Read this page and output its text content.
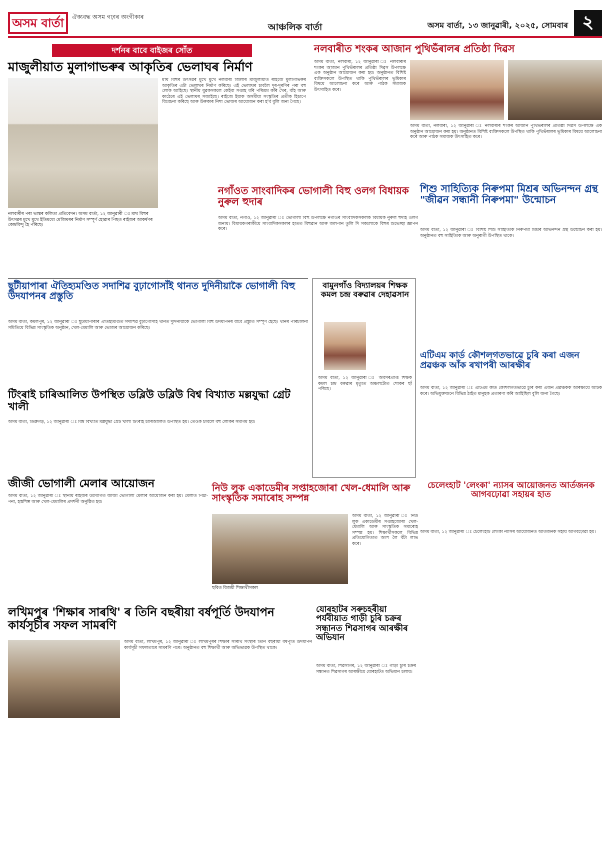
অসম বাৰ্তা	ঐক্যবদ্ধ অসম গঢ়াৰ অংগীকাৰ
আঞ্চলিক বাৰ্তা	অসম বাৰ্তা, ১৩ জানুৱাৰী, ২০২৫, সোমবাৰ ২
দৰ্শনৰ বাবে বাইজৰ সোঁত
মাজুলীয়াত মুলাগাভৰুৰ আকৃতিৰ ভেলাঘৰ নিৰ্মাণ
নলবাৰীৰ পৰা ভাস্কৰ কলিতা প্ৰতিবেদন। অসম বাৰ্তা, ১২ জানুৱাৰী ঃ মাঘ বিহুৰ উৎসৱৰ মুখে মুখে ইতিমধ্যে মেজিঘৰৰ নিৰ্মাণ সম্পূৰ্ণ হোৱাৰ পিছত ৰাইজৰ আকৰ্ষণৰ কেন্দ্ৰবিন্দু হৈ পৰিছে।
মাঘ বিহুৰ উৎসৱৰ মুখে মুখে নলবাৰী জিলাৰ মাজুলীয়াত ৰাইজে মুলাগাভৰুৰ আকৃতিৰ এটা ভেলাঘৰ নিৰ্মাণ কৰিছে। এই ভেলাঘৰ চাবলৈ দূৰ-দূৰণিৰ পৰা বহু লোক আহিছে। স্থানীয় যুৱকসকলে কেইবা সপ্তাহ ধৰি পৰিশ্ৰম কৰি খেৰ, বাঁহ আৰু কাঠেৰে এই ভেলাঘৰ সজাইছে। ৰাইজে ইয়াক অসমীয়া সংস্কৃতিৰ প্ৰতীক হিচাপে বিবেচনা কৰিছে আৰু উৰুকাৰ নিশা ভোজৰ আয়োজন কৰা হ'ব বুলি জনা গৈছে।
নলবাৰীত শংকৰ আজান পুথিভঁৰালৰ প্ৰতিষ্ঠা দিৱস
অসম বাৰ্তা, নলবাৰী, ১২ জানুৱাৰী ঃ নলবাৰীৰ শংকৰ আজান পুথিভঁৰালৰ প্ৰতিষ্ঠা দিৱস উপলক্ষে এক অনুষ্ঠান আয়োজন কৰা হয়। অনুষ্ঠানত বিশিষ্ট ব্যক্তিসকলে উপস্থিত থাকি পুথিভঁৰালৰ ভূমিকাৰ বিষয়ে আলোচনা কৰে আৰু পাঠক সমাজক উৎসাহিত কৰে।
অসম বাৰ্তা, নলবাৰী, ১২ জানুৱাৰী ঃ নলবাৰীৰ শংকৰ আজান পুথিভঁৰালৰ প্ৰতিষ্ঠা দিৱস উপলক্ষে এক অনুষ্ঠান আয়োজন কৰা হয়। অনুষ্ঠানত বিশিষ্ট ব্যক্তিসকলে উপস্থিত থাকি পুথিভঁৰালৰ ভূমিকাৰ বিষয়ে আলোচনা কৰে আৰু পাঠক সমাজক উৎসাহিত কৰে।
নগাঁওত সাংবাদিকৰ ভোগালী বিহু ওলগ বিধায়ক নুৰুল হুদাৰ
অসম বাৰ্তা, নগাঁও, ১২ জানুৱাৰী ঃ ভোগালী বিহু উপলক্ষে নগাঁওৰ সাংবাদিকসকলক বিধায়ক নুৰুল হুদাই ওলগ জনায়। বিধায়কগৰাকীয়ে সাংবাদিকসকলৰ হাতত বিহুৱান আৰু জলপান তুলি দি সকলোকে বিহুৰ শুভেচ্ছা জ্ঞাপন কৰে।
শিশু সাহিত্যিক নিৰুপমা মিশ্ৰৰ অভিনন্দন গ্ৰন্থ "জীৱন সন্ধানী নিৰুপমা" উন্মোচন
অসম বাৰ্তা, ১২ জানুৱাৰী ঃ বিশিষ্ট শিশু সাহিত্যিক নিৰুপমা মিশ্ৰৰ অভিনন্দন গ্ৰন্থ উন্মোচন কৰা হয়। অনুষ্ঠানত বহু সাহিত্যিক আৰু অনুৰাগী উপস্থিত থাকে।
ছুটীয়াপাৰা ঐতিহ্যমণ্ডিত সদাশিৱ বুঢ়াগোসাঁই থানত দুদিনীয়াকৈ ভোগালী বিহু উদযাপনৰ প্ৰস্তুতি
অসম বাৰ্তা, কমলপুৰ, ১২ জানুৱাৰী ঃ ছুটীয়াপাৰাৰ ঐতিহ্যমণ্ডিত সদাশিৱ বুঢ়াগোসাঁই থানত দুদিনীয়াকৈ ভোগালী বিহু উদযাপনৰ বাবে প্ৰস্তুতি সম্পূৰ্ণ হৈছে। থানৰ পৰিচালনা সমিতিয়ে বিভিন্ন সাংস্কৃতিক অনুষ্ঠান, খেল-ধেমালি আৰু ভোজৰ আয়োজন কৰিছে।
বামুনগাঁও বিদ্যালয়ৰ শিক্ষক কমল চন্দ্ৰ বৰুৱাৰ দেহাৱসান
অসম বাৰ্তা, ১২ জানুৱাৰী ঃ অবসৰপ্ৰাপ্ত শিক্ষক কমল চন্দ্ৰ বৰুৱাৰ মৃত্যুত অঞ্চলটোত শোকৰ ছাঁ পৰিছে।
টিংৰাই চাৰিআলিত উপস্থিত ডব্লিউ ডব্লিউ বিশ্ব বিখ্যাত মল্লযুদ্ধা গ্ৰেট খালী
অসম বাৰ্তা, ডিব্ৰুগড়, ১২ জানুৱাৰী ঃ বিশ্ব বিখ্যাত মল্লযুদ্ধা গ্ৰেট খালী টিংৰাই চাৰিআলিত উপস্থিত হয়। তেওঁক চাবলৈ বহু লোকৰ সমাগম হয়।
এটিএম কাৰ্ড কৌশলগতভাৱে চুৰি কৰা এজন প্ৰৱঞ্চক আঁক ৰখাপৰী আৰক্ষীৰ
অসম বাৰ্তা, ১২ জানুৱাৰী ঃ এটিএম কাৰ্ড কৌশলগতভাৱে চুৰি কৰা এজন প্ৰৱঞ্চকক আৰক্ষীয়ে আটক কৰে। অভিযুক্তজনে বিভিন্ন ঠাইত মানুহক প্ৰতাৰণা কৰি আহিছিল বুলি জনা গৈছে।
জীজী ভোগালী মেলাৰ আয়োজন
অসম বাৰ্তা, ১২ জানুৱাৰী ঃ স্থানীয় ৰাইজৰ উদ্যোগত জীজী ভোগালী মেলাৰ আয়োজন কৰা হয়। মেলাত পিঠা-পনা, হস্তশিল্প আৰু খেল-ধেমালিৰ প্ৰদৰ্শনী অনুষ্ঠিত হয়।
নিউ লুক একাডেমীৰ সপ্তাহজোৰা খেল-ধেমালি আৰু সাংস্কৃতিক সমাৰোহ সম্পন্ন
ছবিত বিজয়ী শিক্ষাৰ্থীসকল
অসম বাৰ্তা, ১২ জানুৱাৰী ঃ নিউ লুক একাডেমীৰ সপ্তাহজোৰা খেল-ধেমালি আৰু সাংস্কৃতিক সমাৰোহ সম্পন্ন হয়। শিক্ষাৰ্থীসকলে বিভিন্ন প্ৰতিযোগিতাত অংশ লৈ বঁটা লাভ কৰে।
চেলেংহাট 'লেংকা' ন্যাসৰ আয়োজনত আৰ্তজনক আগবঢ়োৱা সহায়ৰ হাত
অসম বাৰ্তা, ১২ জানুৱাৰী ঃ চেলেংহাট লেংকা ন্যাসৰ আয়োজনত আৰ্তজনক সহায় আগবঢ়োৱা হয়।
লখিমপুৰ 'শিক্ষাৰ সাৰথি' ৰ তিনি বছৰীয়া বৰ্ষপূৰ্তি উদযাপন কাৰ্যসূচীৰ সফল সামৰণি
অসম বাৰ্তা, লখিমপুৰ, ১২ জানুৱাৰী ঃ লখিমপুৰৰ শিক্ষাৰ সাৰথি সংস্থাৰ তিনি বছৰীয়া বৰ্ষপূৰ্তি উদযাপন কাৰ্যসূচী সফলতাৰে সামৰণি পৰে। অনুষ্ঠানত বহু শিক্ষাৰ্থী আৰু অভিভাৱক উপস্থিত থাকে।
যোৰহাটৰ সৰুচহৰীয়া পৰ্যবীয়াত গাড়ী চুৰি চক্ৰৰ সন্ধানত শিৱসাগৰ আৰক্ষীৰ অভিযান
অসম বাৰ্তা, শিৱসাগৰ, ১২ জানুৱাৰী ঃ গাড়ী চুৰি চক্ৰৰ সন্ধানত শিৱসাগৰ আৰক্ষীয়ে যোৰহাটত অভিযান চলায়।
